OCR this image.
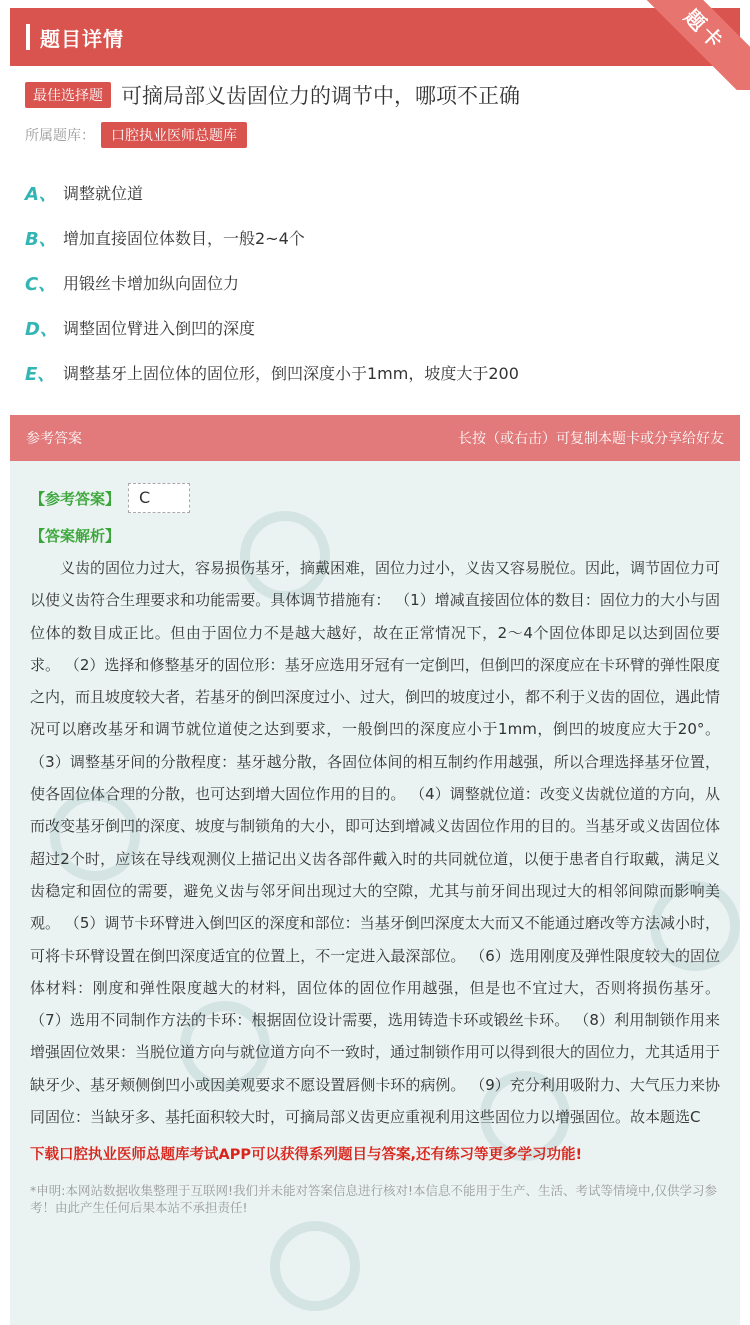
题目详情	题卡
最佳选择题 可摘局部义齿固位力的调节中，哪项不正确
所属题库：	口腔执业医师总题库
A、 调整就位道
B、 增加直接固位体数目，一般2~4个
C、 用锻丝卡增加纵向固位力
D、 调整固位臂进入倒凹的深度
E、 调整基牙上固位体的固位形，倒凹深度小于1mm，坡度大于200
参考答案	长按（或右击）可复制本题卡或分享给好友
【参考答案】	C
【答案解析】
义齿的固位力过大，容易损伤基牙，摘戴困难，固位力过小，义齿又容易脱位。因此，调节固位力可以使义齿符合生理要求和功能需要。具体调节措施有： （1）增减直接固位体的数目：固位力的大小与固位体的数目成正比。但由于固位力不是越大越好，故在正常情况下，2～4个固位体即足以达到固位要求。 （2）选择和修整基牙的固位形：基牙应选用牙冠有一定倒凹，但倒凹的深度应在卡环臂的弹性限度之内，而且坡度较大者，若基牙的倒凹深度过小、过大，倒凹的坡度过小，都不利于义齿的固位，遇此情况可以磨改基牙和调节就位道使之达到要求，一般倒凹的深度应小于1mm，倒凹的坡度应大于20°。 （3）调整基牙间的分散程度：基牙越分散，各固位体间的相互制约作用越强，所以合理选择基牙位置，使各固位体合理的分散，也可达到增大固位作用的目的。 （4）调整就位道：改变义齿就位道的方向，从而改变基牙倒凹的深度、坡度与制锁角的大小，即可达到增减义齿固位作用的目的。当基牙或义齿固位体超过2个时，应该在导线观测仪上描记出义齿各部件戴入时的共同就位道，以便于患者自行取戴，满足义齿稳定和固位的需要，避免义齿与邻牙间出现过大的空隙，尤其与前牙间出现过大的相邻间隙而影响美观。 （5）调节卡环臂进入倒凹区的深度和部位：当基牙倒凹深度太大而又不能通过磨改等方法减小时，可将卡环臂设置在倒凹深度适宜的位置上，不一定进入最深部位。 （6）选用刚度及弹性限度较大的固位体材料：刚度和弹性限度越大的材料，固位体的固位作用越强，但是也不宜过大，否则将损伤基牙。 （7）选用不同制作方法的卡环：根据固位设计需要，选用铸造卡环或锻丝卡环。 （8）利用制锁作用来增强固位效果：当脱位道方向与就位道方向不一致时，通过制锁作用可以得到很大的固位力，尤其适用于缺牙少、基牙颊侧倒凹小或因美观要求不愿设置唇侧卡环的病例。 （9）充分利用吸附力、大气压力来协同固位：当缺牙多、基托面积较大时，可摘局部义齿更应重视利用这些固位力以增强固位。故本题选C
下载口腔执业医师总题库考试APP可以获得系列题目与答案,还有练习等更多学习功能!
*申明:本网站数据收集整理于互联网!我们并未能对答案信息进行核对!本信息不能用于生产、生活、考试等情境中,仅供学习参考！由此产生任何后果本站不承担责任!
